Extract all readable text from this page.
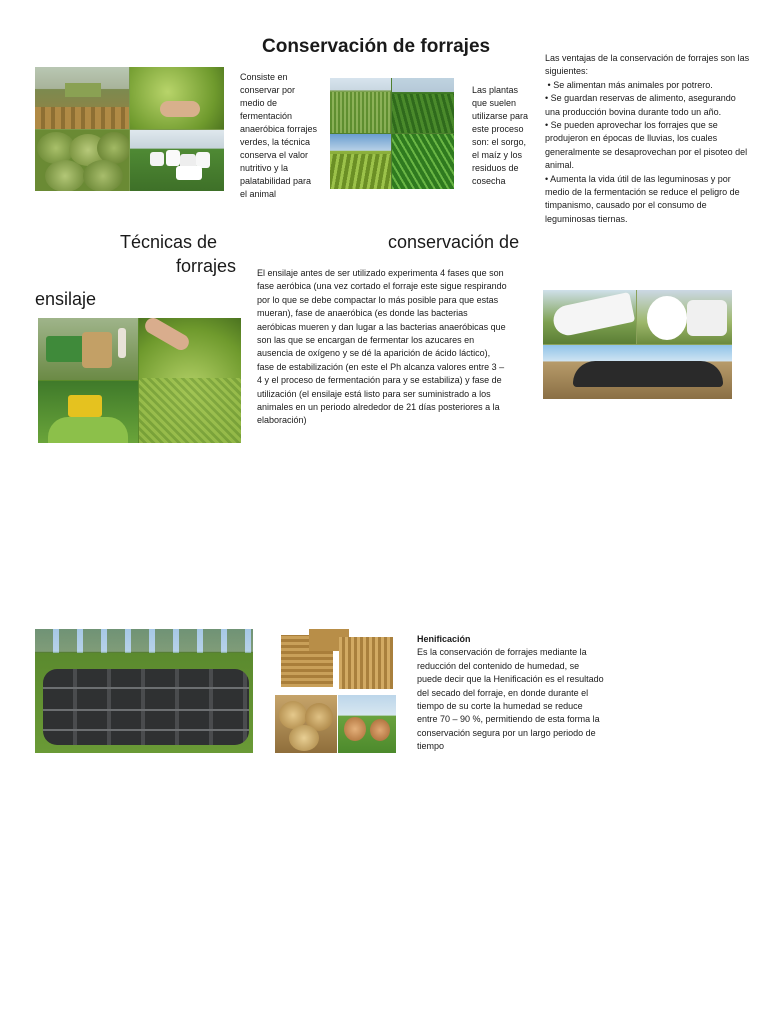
Conservación de forrajes
Consiste en conservar por medio de fermentación anaeróbica forrajes verdes, la técnica conserva el valor nutritivo y la palatabilidad para el animal
Las plantas que suelen utilizarse para este proceso son: el sorgo, el maíz y los residuos de cosecha
Las ventajas de la conservación de forrajes son las siguientes:
• Se alimentan más animales por potrero.
• Se guardan reservas de alimento, asegurando una producción bovina durante todo un año.
• Se pueden aprovechar los forrajes que se produjeron en épocas de lluvias, los cuales generalmente se desaprovechan por el pisoteo del animal.
• Aumenta la vida útil de las leguminosas y por medio de la fermentación se reduce el peligro de timpanismo, causado por el consumo de leguminosas tiernas.
Técnicas de	conservación de
forrajes
ensilaje
El ensilaje antes de ser utilizado experimenta 4 fases que son fase aeróbica (una vez cortado el forraje este sigue respirando por lo que se debe compactar lo más posible para que estas mueran), fase de anaeróbica (es donde las bacterias aeróbicas mueren y dan lugar a las bacterias anaeróbicas que son las que se encargan de fermentar los azucares en ausencia de oxígeno y se dé la aparición de ácido láctico), fase de estabilización (en este el Ph alcanza valores entre 3 – 4 y el proceso de fermentación para y se estabiliza) y fase de utilización (el ensilaje está listo para ser suministrado a los animales en un periodo alrededor de 21 días posteriores a la elaboración)
Henificación
Es la conservación de forrajes mediante la reducción del contenido de humedad, se puede decir que la Henificación es el resultado del secado del forraje, en donde durante el tiempo de su corte la humedad se reduce entre 70 – 90 %, permitiendo de esta forma la conservación segura por un largo periodo de tiempo
